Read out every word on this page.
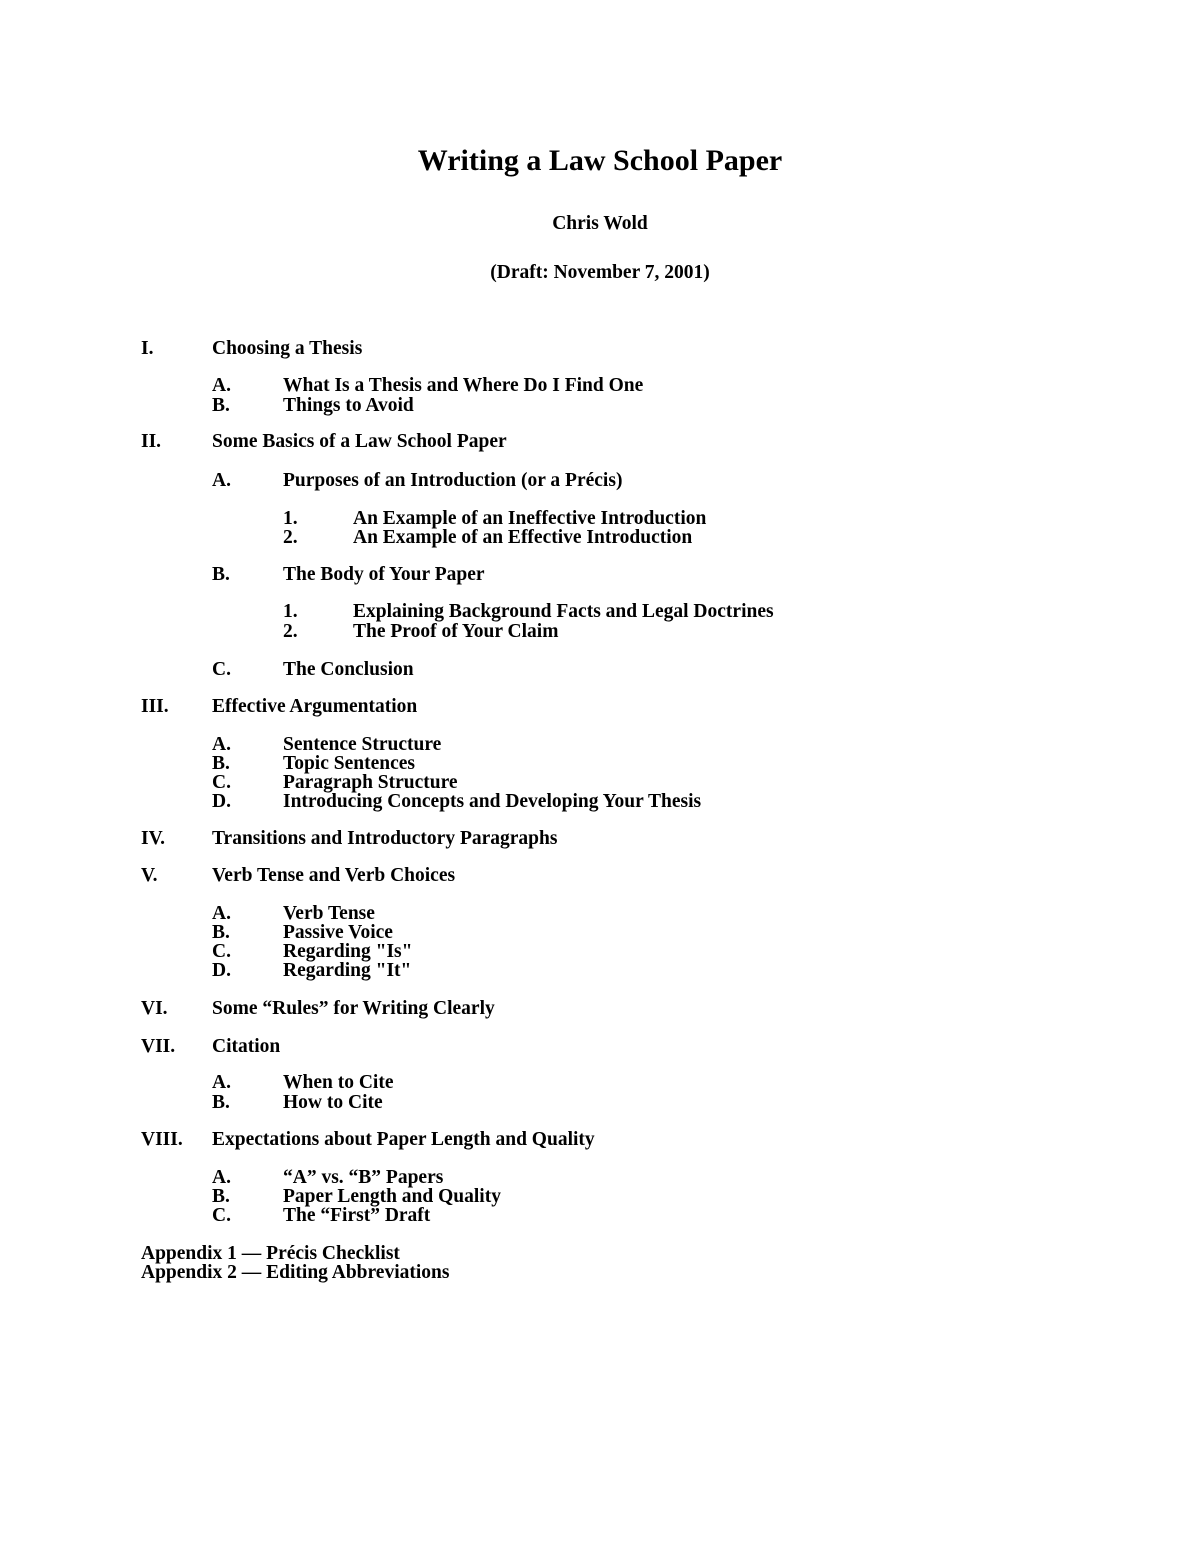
Writing a Law School Paper
Chris Wold
(Draft: November 7, 2001)
I.	Choosing a Thesis
A.	What Is a Thesis and Where Do I Find One
B.	Things to Avoid
II.	Some Basics of a Law School Paper
A.	Purposes of an Introduction (or a Précis)
1.	An Example of an Ineffective Introduction
2.	An Example of an Effective Introduction
B.	The Body of Your Paper
1.	Explaining Background Facts and Legal Doctrines
2.	The Proof of Your Claim
C.	The Conclusion
III. Effective Argumentation
A.	Sentence Structure
B.	Topic Sentences
C.	Paragraph Structure
D.	Introducing Concepts and Developing Your Thesis
IV. Transitions and Introductory Paragraphs
V.	Verb Tense and Verb Choices
A.	Verb Tense
B.	Passive Voice
C.	Regarding "Is"
D.	Regarding "It"
VI. Some “Rules” for Writing Clearly
VII. Citation
A.	When to Cite
B.	How to Cite
VIII. Expectations about Paper Length and Quality
A.	“A” vs. “B” Papers
B.	Paper Length and Quality
C.	The “First” Draft
Appendix 1 — Précis Checklist
Appendix 2 — Editing Abbreviations
